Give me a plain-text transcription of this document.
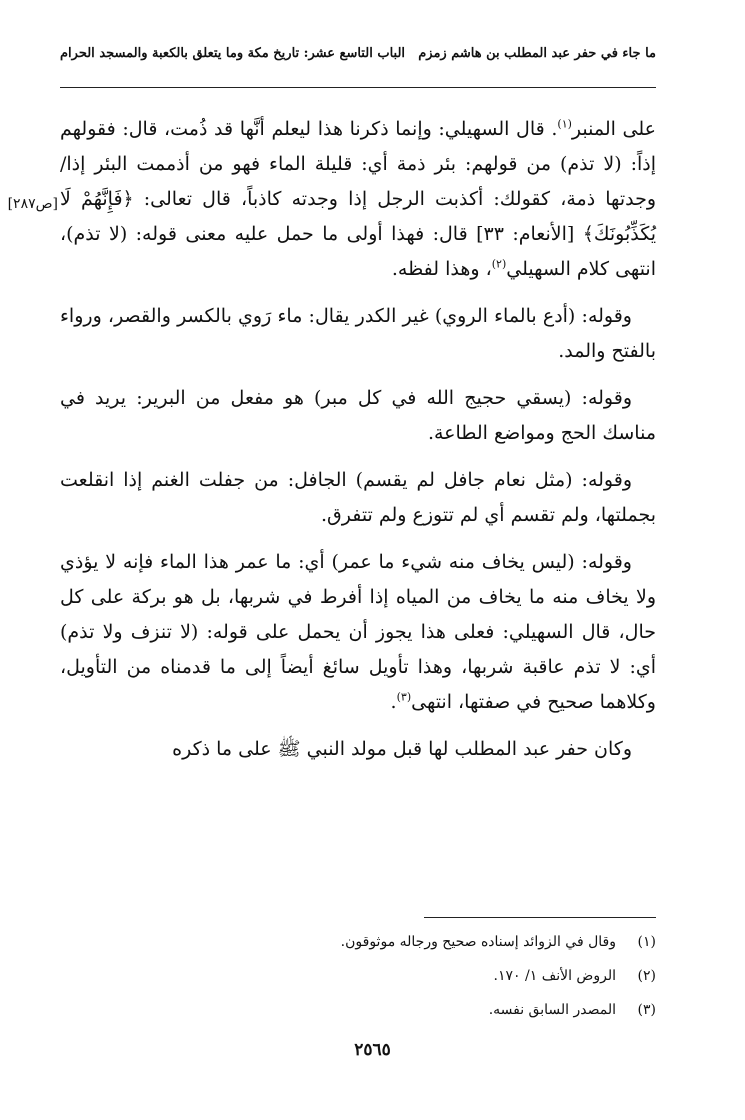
ما جاء في حفر عبد المطلب بن هاشم زمزم
الباب التاسع عشر: تاريخ مكة وما يتعلق بالكعبة والمسجد الحرام
[ص٢٨٧]

على المنبر$^{(١)}$. قال السهيلي: وإنما ذكرنا هذا ليعلم أنَّها قد ذُمت، قال: فقولهم إذاً: (لا تذم) من قولهم: بئر ذمة أي: قليلة الماء فهو من أذممت البئر إذا/ وجدتها ذمة، كقولك: أكذبت الرجل إذا وجدته كاذباً، قال تعالى: ﴿فَإِنَّهُمْ لَا يُكَذِّبُونَكَ﴾ [الأنعام: ٣٣] قال: فهذا أولى ما حمل عليه معنى قوله: (لا تذم)، انتهى كلام السهيلي$^{(٢)}$، وهذا لفظه.

وقوله: (أدع بالماء الروي) غير الكدر يقال: ماء رَوي بالكسر والقصر، ورواء بالفتح والمد.

وقوله: (يسقي حجيج الله في كل مبر) هو مفعل من البرير: يريد في مناسك الحج ومواضع الطاعة.

وقوله: (مثل نعام جافل لم يقسم) الجافل: من جفلت الغنم إذا انقلعت بجملتها، ولم تقسم أي لم تتوزع ولم تتفرق.

وقوله: (ليس يخاف منه شيء ما عمر) أي: ما عمر هذا الماء فإنه لا يؤذي ولا يخاف منه ما يخاف من المياه إذا أفرط في شربها، بل هو بركة على كل حال، قال السهيلي: فعلى هذا يجوز أن يحمل على قوله: (لا تنزف ولا تذم) أي: لا تذم عاقبة شربها، وهذا تأويل سائغ أيضاً إلى ما قدمناه من التأويل، وكلاهما صحيح في صفتها، انتهى$^{(٣)}$.

وكان حفر عبد المطلب لها قبل مولد النبي ﷺ على ما ذكره

(١)
وقال في الزوائد إسناده صحيح ورجاله موثوقون.
(٢)
الروض الأنف ١/ ١٧٠.
(٣)
المصدر السابق نفسه.
٢٥٦٥
